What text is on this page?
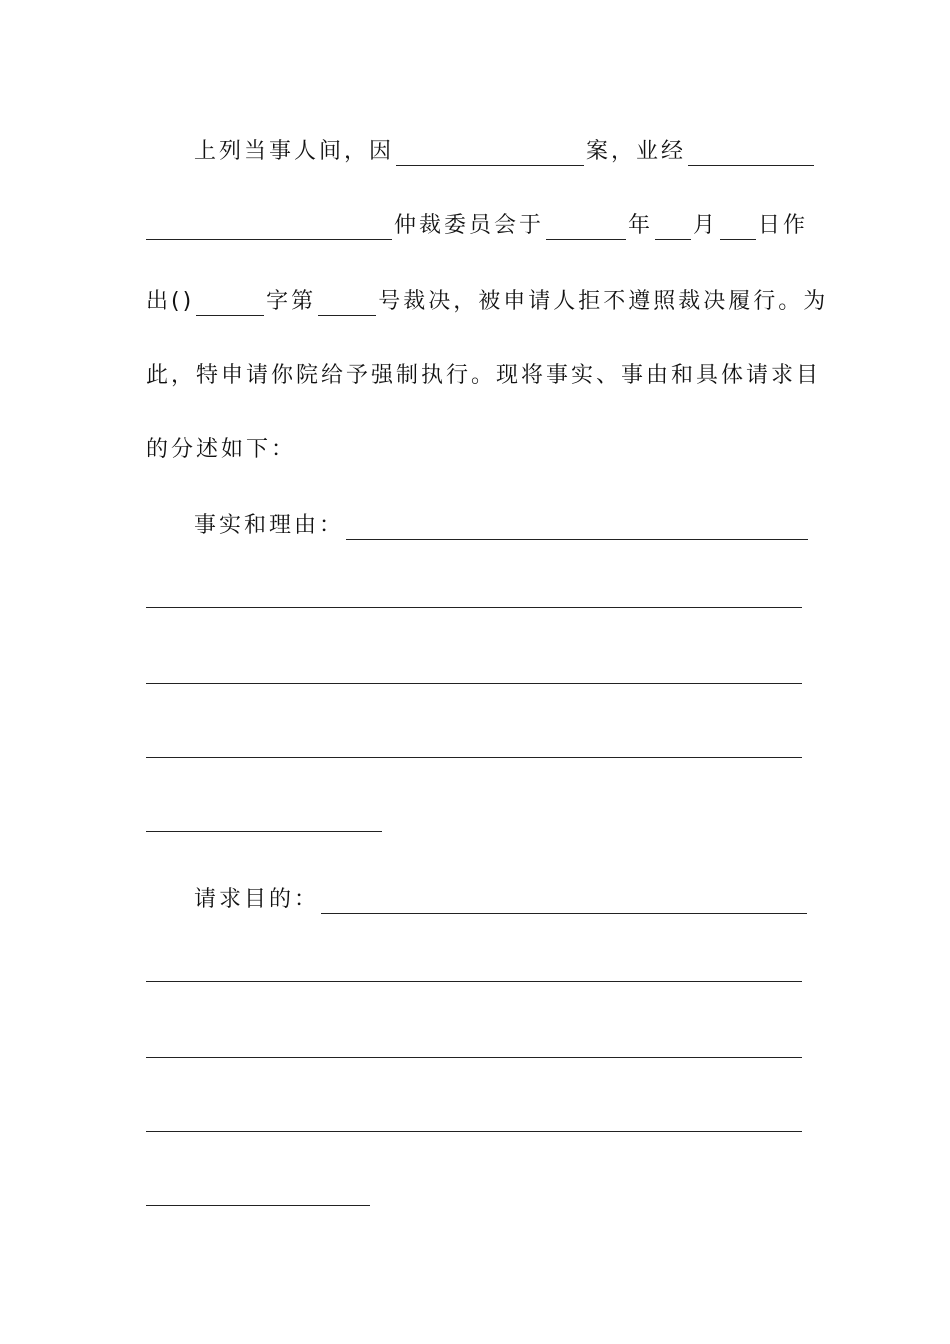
上列当事人间，因	案，业经
仲裁委员会于	年 月 日作
出()	字第	号裁决，被申请人拒不遵照裁决履行。为
此，特申请你院给予强制执行。现将事实、事由和具体请求目
的分述如下：
事实和理由：
请求目的：
